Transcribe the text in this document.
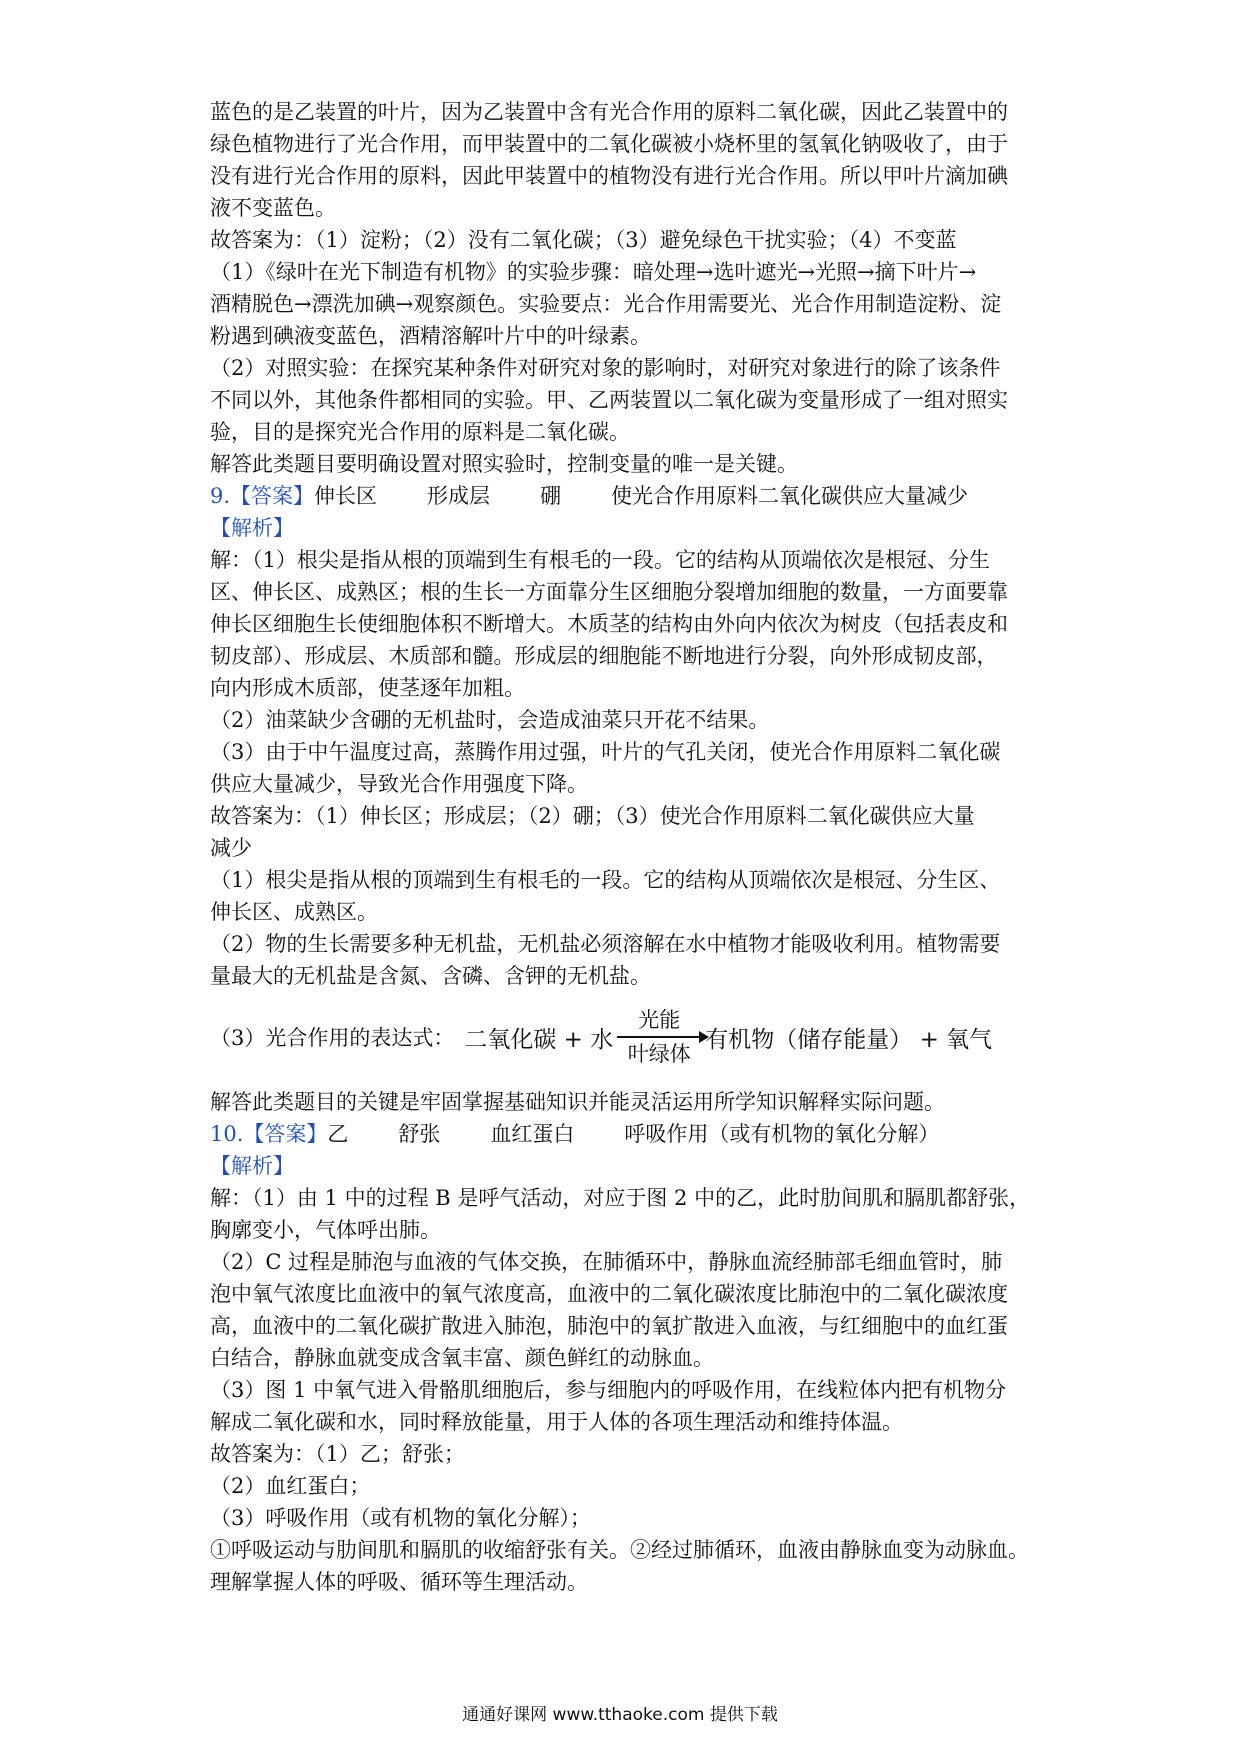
蓝色的是乙装置的叶片，因为乙装置中含有光合作用的原料二氧化碳，因此乙装置中的
绿色植物进行了光合作用，而甲装置中的二氧化碳被小烧杯里的氢氧化钠吸收了，由于
没有进行光合作用的原料，因此甲装置中的植物没有进行光合作用。所以甲叶片滴加碘
液不变蓝色。
故答案为：（1）淀粉；（2）没有二氧化碳；（3）避免绿色干扰实验；（4）不变蓝
（1）《绿叶在光下制造有机物》的实验步骤：暗处理→选叶遮光→光照→摘下叶片→
酒精脱色→漂洗加碘→观察颜色。实验要点：光合作用需要光、光合作用制造淀粉、淀
粉遇到碘液变蓝色，酒精溶解叶片中的叶绿素。
（2）对照实验：在探究某种条件对研究对象的影响时，对研究对象进行的除了该条件
不同以外，其他条件都相同的实验。甲、乙两装置以二氧化碳为变量形成了一组对照实
验，目的是探究光合作用的原料是二氧化碳。
解答此类题目要明确设置对照实验时，控制变量的唯一是关键。
9. 【答案】 伸长区 形成层 硼 使光合作用原料二氧化碳供应大量减少
【解析】
解：（1）根尖是指从根的顶端到生有根毛的一段。它的结构从顶端依次是根冠、分生
区、伸长区、成熟区；根的生长一方面靠分生区细胞分裂增加细胞的数量，一方面要靠
伸长区细胞生长使细胞体积不断增大。木质茎的结构由外向内依次为树皮（包括表皮和
韧皮部）、形成层、木质部和髓。形成层的细胞能不断地进行分裂，向外形成韧皮部，
向内形成木质部，使茎逐年加粗。
（2）油菜缺少含硼的无机盐时，会造成油菜只开花不结果。
（3）由于中午温度过高，蒸腾作用过强，叶片的气孔关闭，使光合作用原料二氧化碳
供应大量减少，导致光合作用强度下降。
故答案为：（1）伸长区；形成层；（2）硼；（3）使光合作用原料二氧化碳供应大量
减少
（1）根尖是指从根的顶端到生有根毛的一段。它的结构从顶端依次是根冠、分生区、
伸长区、成熟区。
（2）物的生长需要多种无机盐，无机盐必须溶解在水中植物才能吸收利用。植物需要
量最大的无机盐是含氮、含磷、含钾的无机盐。
（3）光合作用的表达式： 二氧化碳 + 水
光能
叶绿体
有机物（储存能量） + 氧气
解答此类题目的关键是牢固掌握基础知识并能灵活运用所学知识解释实际问题。
10. 【答案】 乙 舒张 血红蛋白 呼吸作用（或有机物的氧化分解）
【解析】
解：（1）由 1 中的过程 B 是呼气活动，对应于图 2 中的乙，此时肋间肌和膈肌都舒张，
胸廓变小，气体呼出肺。
（2）C 过程是肺泡与血液的气体交换，在肺循环中，静脉血流经肺部毛细血管时，肺
泡中氧气浓度比血液中的氧气浓度高，血液中的二氧化碳浓度比肺泡中的二氧化碳浓度
高，血液中的二氧化碳扩散进入肺泡，肺泡中的氧扩散进入血液，与红细胞中的血红蛋
白结合，静脉血就变成含氧丰富、颜色鲜红的动脉血。
（3）图 1 中氧气进入骨骼肌细胞后，参与细胞内的呼吸作用，在线粒体内把有机物分
解成二氧化碳和水，同时释放能量，用于人体的各项生理活动和维持体温。
故答案为：（1）乙；舒张；
（2）血红蛋白；
（3）呼吸作用（或有机物的氧化分解）；
①呼吸运动与肋间肌和膈肌的收缩舒张有关。②经过肺循环，血液由静脉血变为动脉血。
理解掌握人体的呼吸、循环等生理活动。
通通好课网 www.tthaoke.com 提供下载
